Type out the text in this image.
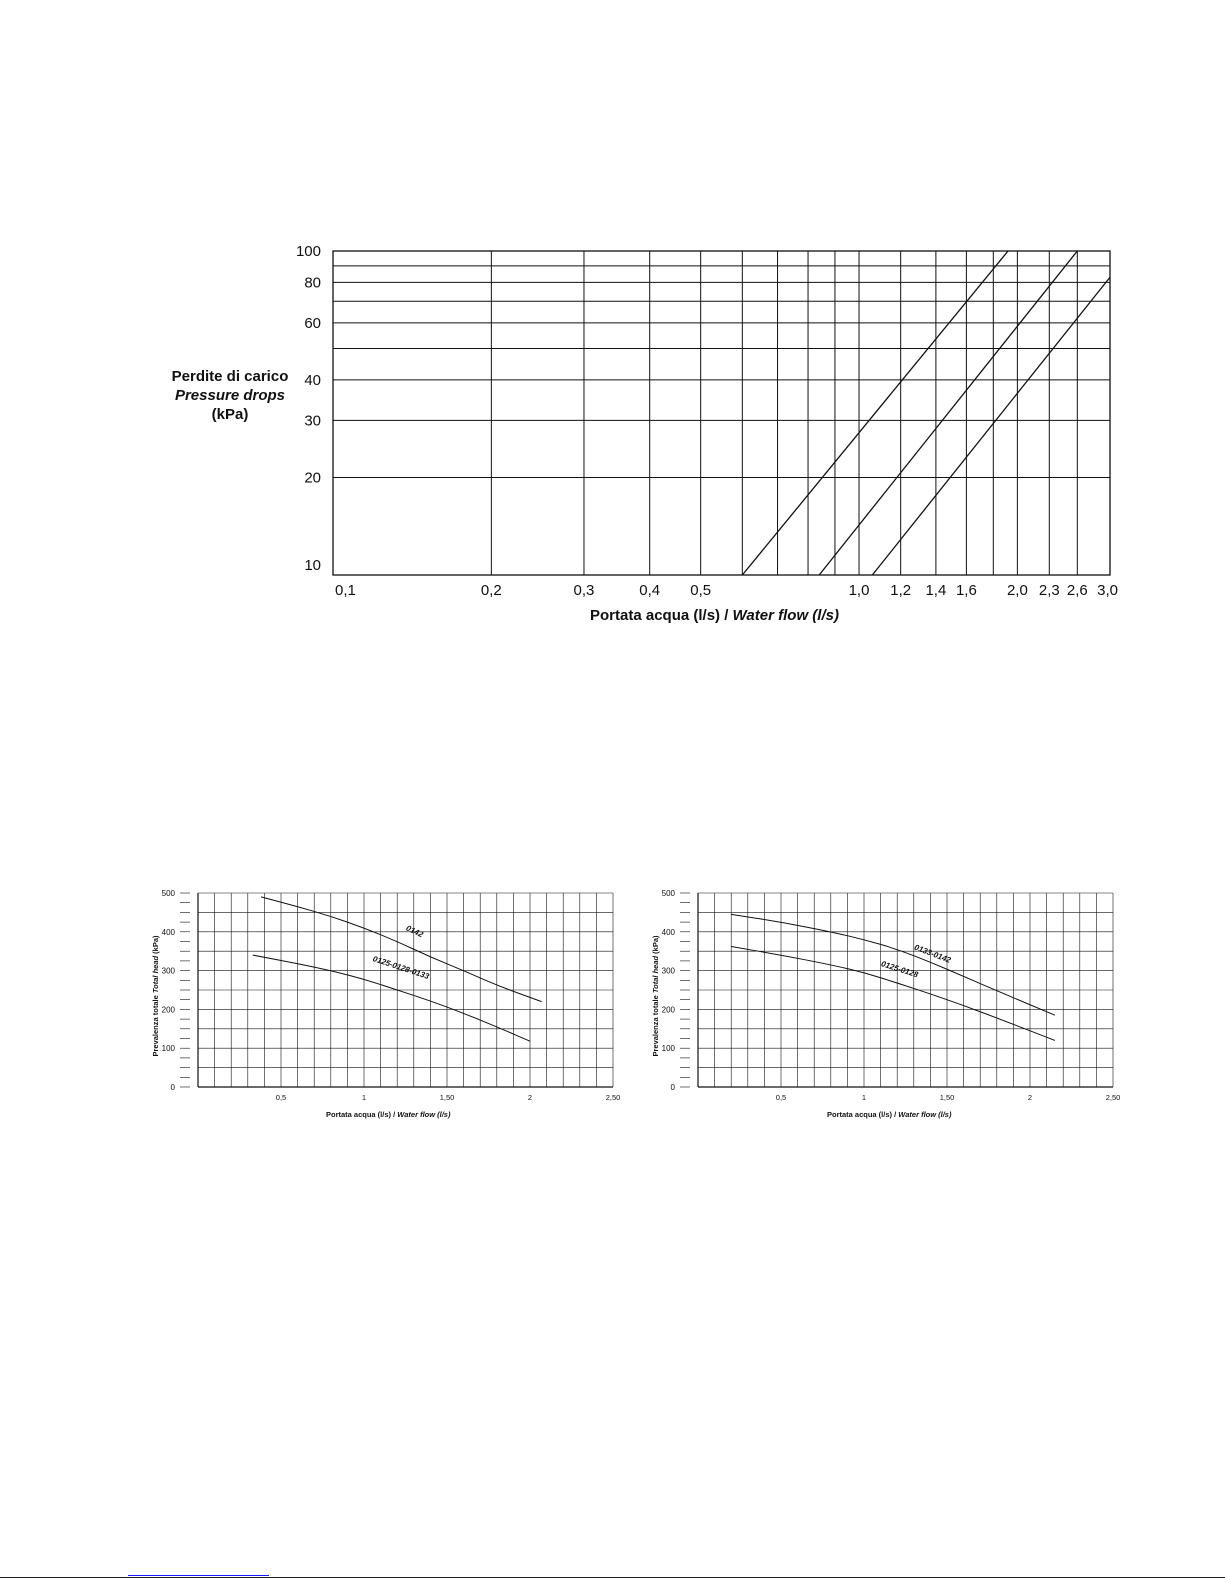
0,1	0,2	0,3	0,4 0,5	1,0 1,2 1,4 1,6 2,0 2,3 2,6 3,0
100
80
60
40
30
20
10
0,5	1	1,50	2	2,50
500
400
300
200
100
0
Prevalenza totale Total head (kPa)
0142
0125-0128-0133
0,5	1	1,50	2	2,50
500
400
300
200
100
0
Prevalenza totale Total head (kPa)	0133-0142
0125-0128
Perdite di carico
Pressure drops
(kPa)
Portata acqua (l/s) / Water flow (l/s)
Portata acqua (l/s) / Water flow (l/s)	Portata acqua (l/s) / Water flow (l/s)
